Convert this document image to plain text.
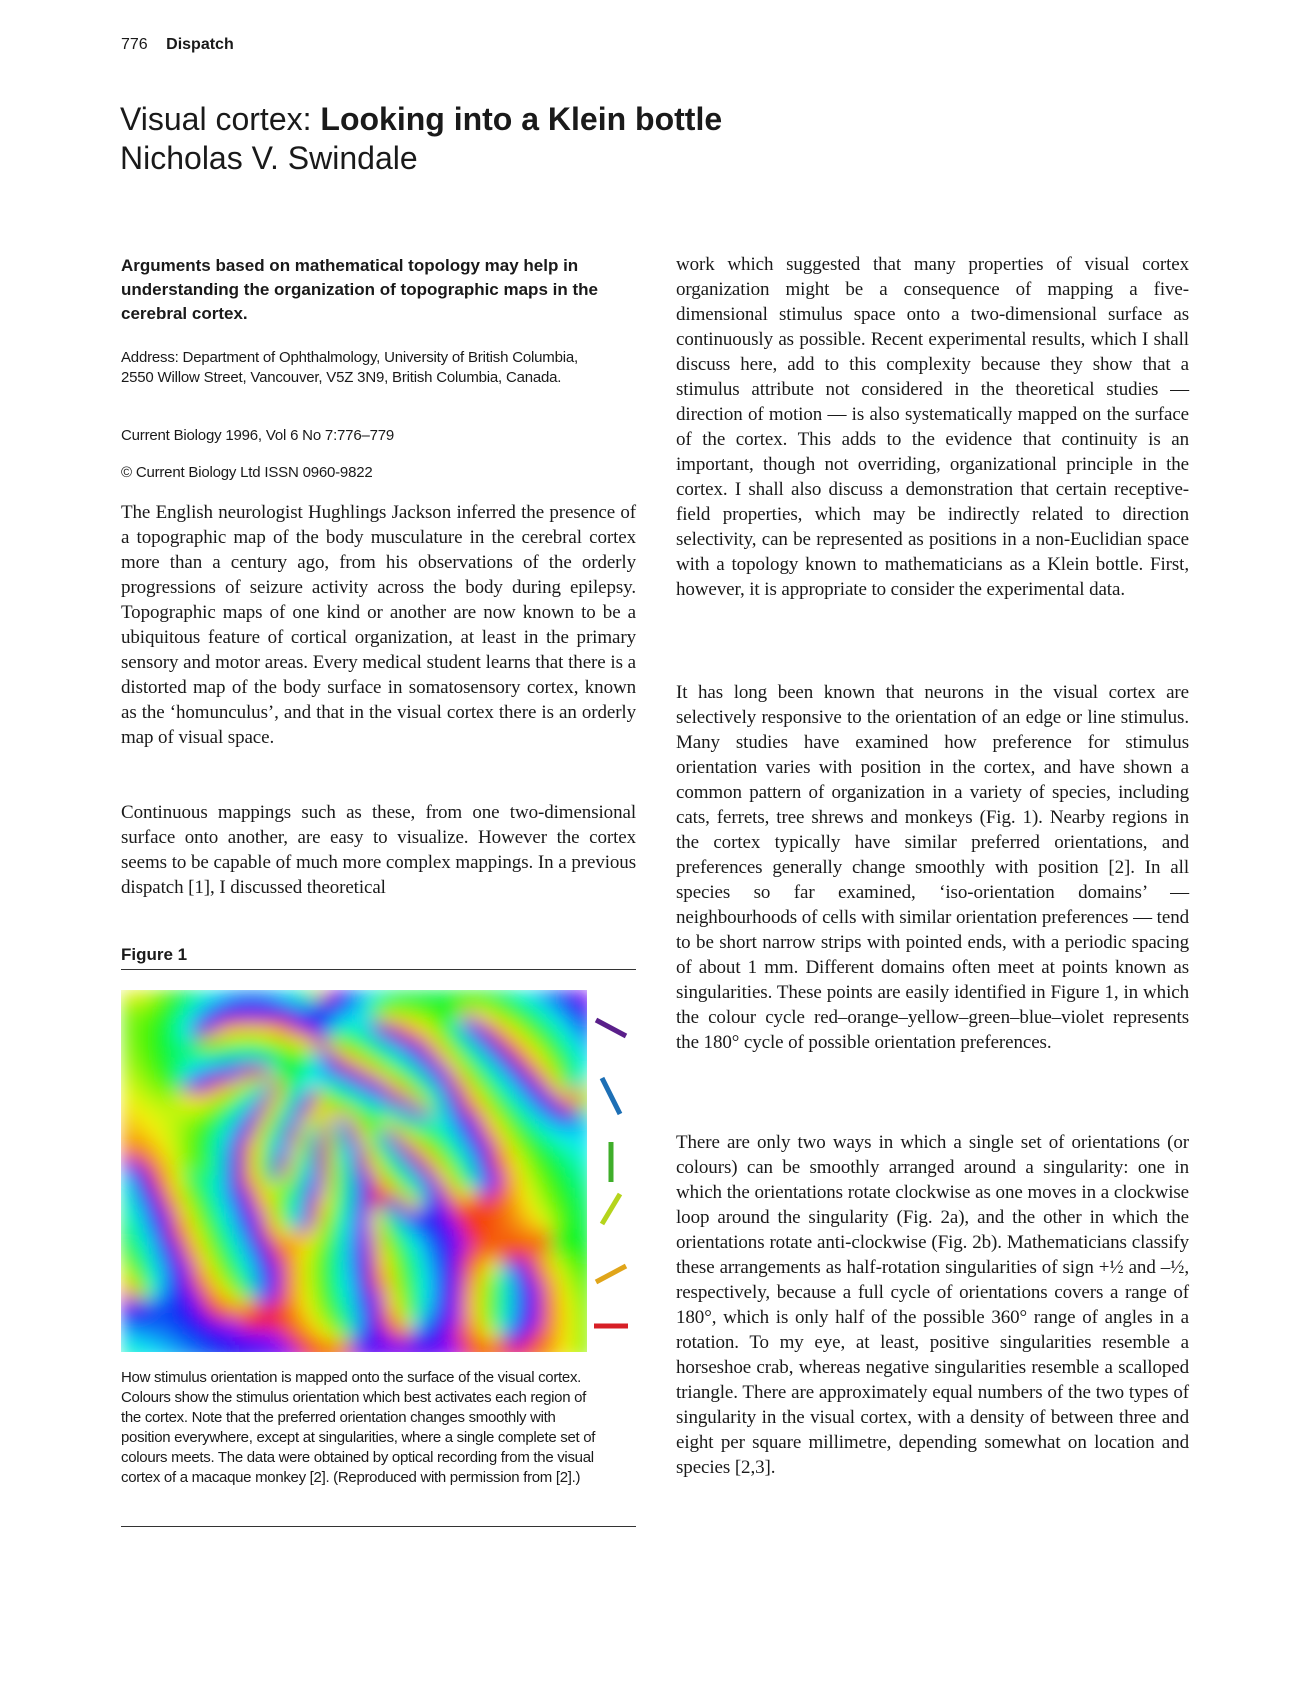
776 Dispatch
Visual cortex: Looking into a Klein bottle
Nicholas V. Swindale
Arguments based on mathematical topology may help in understanding the organization of topographic maps in the cerebral cortex.
Address: Department of Ophthalmology, University of British Columbia, 2550 Willow Street, Vancouver, V5Z 3N9, British Columbia, Canada.
Current Biology 1996, Vol 6 No 7:776–779
© Current Biology Ltd ISSN 0960-9822

The English neurologist Hughlings Jackson inferred the presence of a topographic map of the body musculature in the cerebral cortex more than a century ago, from his observations of the orderly progressions of seizure activity across the body during epilepsy. Topographic maps of one kind or another are now known to be a ubiquitous feature of cortical organization, at least in the primary sensory and motor areas. Every medical student learns that there is a distorted map of the body surface in somatosensory cortex, known as the ‘homunculus’, and that in the visual cortex there is an orderly map of visual space.

Continuous mappings such as these, from one two-dimensional surface onto another, are easy to visualize. However the cortex seems to be capable of much more complex mappings. In a previous dispatch [1], I discussed theoretical

Figure 1
How stimulus orientation is mapped onto the surface of the visual cortex. Colours show the stimulus orientation which best activates each region of the cortex. Note that the preferred orientation changes smoothly with position everywhere, except at singularities, where a single complete set of colours meets. The data were obtained by optical recording from the visual cortex of a macaque monkey [2]. (Reproduced with permission from [2].)

work which suggested that many properties of visual cortex organization might be a consequence of mapping a five-dimensional stimulus space onto a two-dimensional surface as continuously as possible. Recent experimental results, which I shall discuss here, add to this complexity because they show that a stimulus attribute not considered in the theoretical studies — direction of motion — is also systematically mapped on the surface of the cortex. This adds to the evidence that continuity is an important, though not overriding, organizational principle in the cortex. I shall also discuss a demonstration that certain receptive-field properties, which may be indirectly related to direction selectivity, can be represented as positions in a non-Euclidian space with a topology known to mathematicians as a Klein bottle. First, however, it is appropriate to consider the experimental data.

It has long been known that neurons in the visual cortex are selectively responsive to the orientation of an edge or line stimulus. Many studies have examined how preference for stimulus orientation varies with position in the cortex, and have shown a common pattern of organization in a variety of species, including cats, ferrets, tree shrews and monkeys (Fig. 1). Nearby regions in the cortex typically have similar preferred orientations, and preferences generally change smoothly with position [2]. In all species so far examined, ‘iso-orientation domains’ — neighbourhoods of cells with similar orientation preferences — tend to be short narrow strips with pointed ends, with a periodic spacing of about 1 mm. Different domains often meet at points known as singularities. These points are easily identified in Figure 1, in which the colour cycle red–orange–yellow–green–blue–violet represents the 180° cycle of possible orientation preferences.

There are only two ways in which a single set of orientations (or colours) can be smoothly arranged around a singularity: one in which the orientations rotate clockwise as one moves in a clockwise loop around the singularity (Fig. 2a), and the other in which the orientations rotate anti-clockwise (Fig. 2b). Mathematicians classify these arrangements as half-rotation singularities of sign +½ and –½, respectively, because a full cycle of orientations covers a range of 180°, which is only half of the possible 360° range of angles in a rotation. To my eye, at least, positive singularities resemble a horseshoe crab, whereas negative singularities resemble a scalloped triangle. There are approximately equal numbers of the two types of singularity in the visual cortex, with a density of between three and eight per square millimetre, depending somewhat on location and species [2,3].
